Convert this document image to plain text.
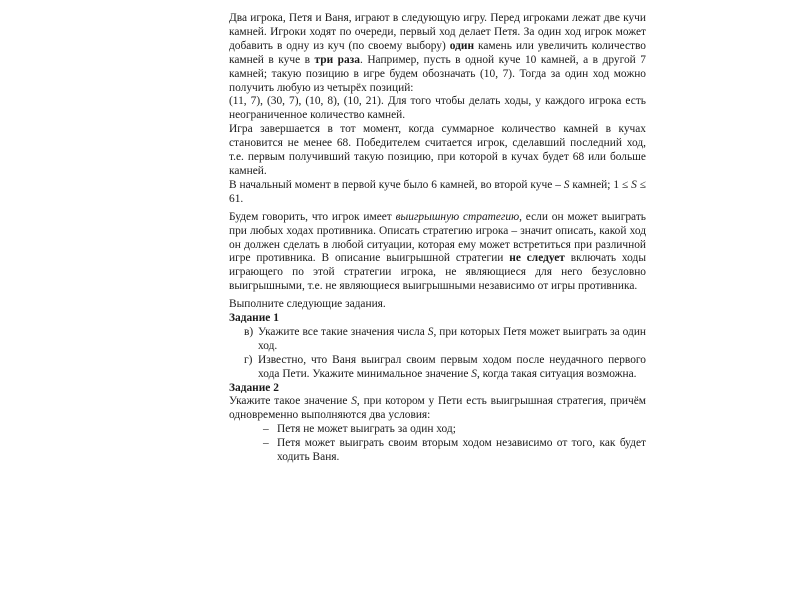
Два игрока, Петя и Ваня, играют в следующую игру. Перед игроками лежат две кучи камней. Игроки ходят по очереди, первый ход делает Петя. За один ход игрок может добавить в одну из куч (по своему выбору) один камень или увеличить количество камней в куче в три раза. Например, пусть в одной куче 10 камней, а в другой 7 камней; такую позицию в игре будем обозначать (10, 7). Тогда за один ход можно получить любую из четырёх позиций:

(11, 7), (30, 7), (10, 8), (10, 21). Для того чтобы делать ходы, у каждого игрока есть неограниченное количество камней.

Игра завершается в тот момент, когда суммарное количество камней в кучах становится не менее 68. Победителем считается игрок, сделавший последний ход, т.е. первым получивший такую позицию, при которой в кучах будет 68 или больше камней.

В начальный момент в первой куче было 6 камней, во второй куче – S камней; 1 ≤ S ≤ 61.

Будем говорить, что игрок имеет выигрышную стратегию, если он может выиграть при любых ходах противника. Описать стратегию игрока – значит описать, какой ход он должен сделать в любой ситуации, которая ему может встретиться при различной игре противника. В описание выигрышной стратегии не следует включать ходы играющего по этой стратегии игрока, не являющиеся для него безусловно выигрышными, т.е. не являющиеся выигрышными независимо от игры противника.

Выполните следующие задания.

Задание 1

в) Укажите все такие значения числа S, при которых Петя может выиграть за один ход.
г) Известно, что Ваня выиграл своим первым ходом после неудачного первого хода Пети. Укажите минимальное значение S, когда такая ситуация возможна.

Задание 2

Укажите такое значение S, при котором у Пети есть выигрышная стратегия, причём одновременно выполняются два условия:

– Петя не может выиграть за один ход;
– Петя может выиграть своим вторым ходом независимо от того, как будет ходить Ваня.
